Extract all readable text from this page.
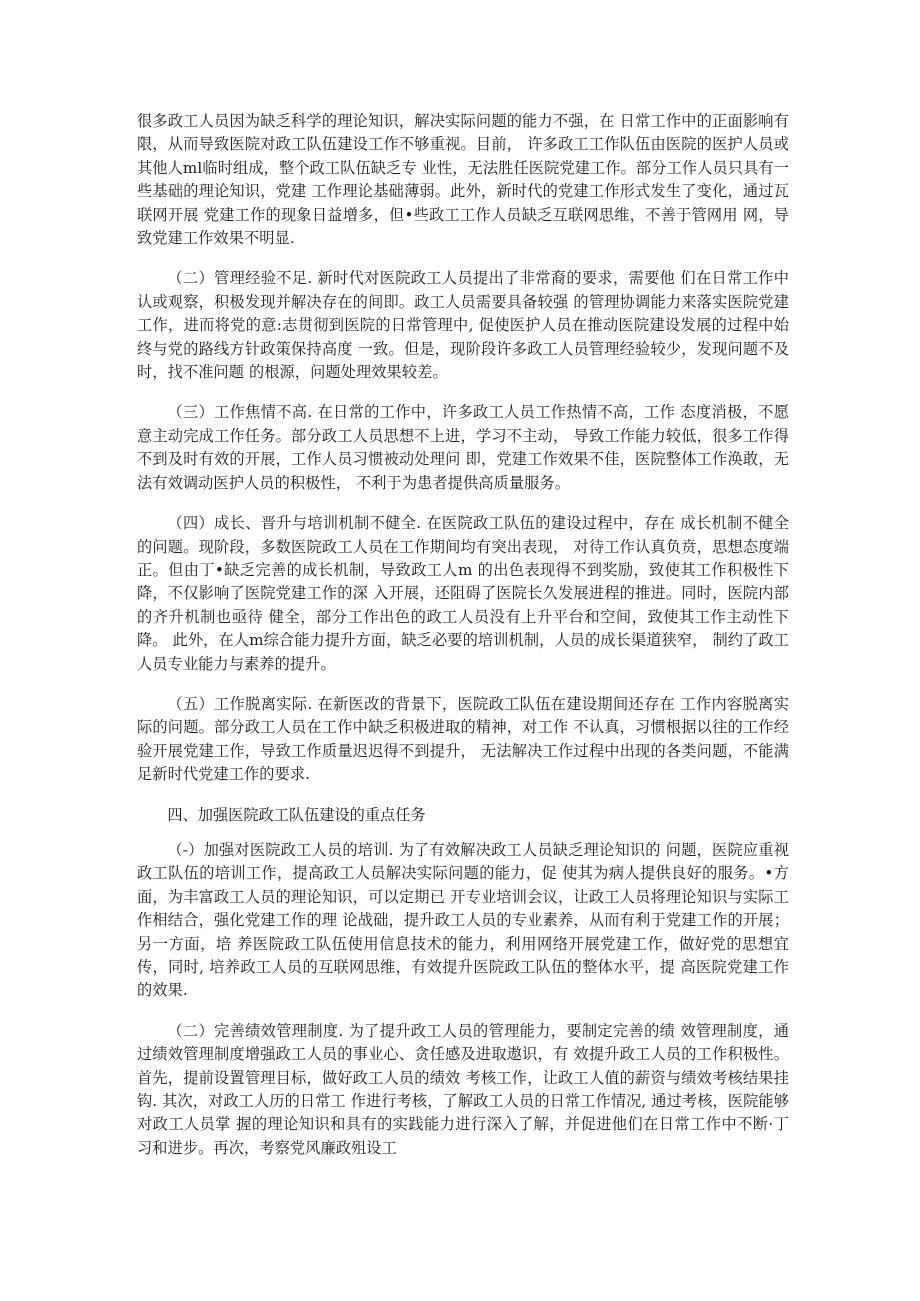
很多政工人员因为缺乏科学的理论知识，解决实际问题的能力不强，在 日常工作中的正面影响有限，从而导致医院对政工队伍建设工作不够重视。目前， 许多政工工作队伍由医院的医护人员或其他人ml临时组成，整个政工队伍缺乏专 业性，无法胜任医院党建工作。部分工作人员只具有一些基础的理论知识，党建 工作理论基础薄弱。此外，新时代的党建工作形式发生了变化，通过瓦联网开展 党建工作的现象日益增多，但•些政工工作人员缺乏互联网思维，不善于管网用 网，导致党建工作效果不明显.

（二）管理经验不足. 新时代对医院政工人员提出了非常裔的要求，需要他 们在日常工作中认或观察，积极发现并解决存在的间即。政工人员需要具备较强 的管理协调能力来落实医院党建工作，进而将党的意:志贯彻到医院的日常管理中, 促使医护人员在推动医院建设发展的过程中始终与党的路线方针政策保持高度 一致。但是，现阶段许多政工人员管理经验较少，发现问题不及时，找不准问题 的根源，问题处理效果较差。

（三）工作焦情不高. 在日常的工作中，许多政工人员工作热情不高，工作 态度消极，不愿意主动完成工作任务。部分政工人员思想不上进，学习不主动， 导致工作能力较低，很多工作得不到及时有效的开展，工作人员习惯被动处理问 即，党建工作效果不佳，医院整体工作涣敢，无法有效调动医护人员的积极性， 不利于为患者提供高质量服务。

（四）成长、晋升与培训机制不健全. 在医院政工队伍的建设过程中，存在 成长机制不健全的问题。现阶段，多数医院政工人员在工作期间均有突出表现， 对待工作认真负贲，思想态度端正。但由丁•缺乏完善的成长机制，导致政工人m 的出色表现得不到奖励，致使其工作积极性下降，不仅影响了医院党建工作的深 入开展，还阻碍了医院长久发展进程的推进。同时，医院内部的齐升机制也亟待 健全，部分工作出色的政工人员没有上升平台和空间，致使其工作主动性下降。 此外，在人m综合能力提升方面，缺乏必要的培训机制，人员的成长渠道狭窄， 制约了政工人员专业能力与素养的提升。

（五）工作脱离实际. 在新医改的背景下，医院政工队伍在建设期间还存在 工作内容脱离实际的问题。部分政工人员在工作中缺乏积极进取的精神，对工作 不认真，习惯根据以往的工作经验开展党建工作，导致工作质量迟迟得不到提升， 无法解决工作过程中出现的各类问题，不能满足新时代党建工作的要求.

四、加强医院政工队伍建设的重点任务

（-）加强对医院政工人员的培训. 为了有效解决政工人员缺乏理论知识的 问题，医院应重视政工队伍的培训工作，提高政工人员解决实际问题的能力，促 使其为病人提供良好的服务。•方面，为丰富政工人员的理论知识，可以定期已 开专业培训会议，让政工人员将理论知识与实际工作相结合，强化党建工作的理 论战础，提升政工人员的专业素养，从而有利于党建工作的开展；另一方面，培 养医院政工队伍使用信息技术的能力，利用网络开展党建工作，做好党的思想宜 传，同时, 培养政工人员的互联网思维，有效提升医院政工队伍的整体水平，提 高医院党建工作的效果.

（二）完善绩效管理制度. 为了提升政工人员的管理能力，要制定完善的绩 效管理制度，通过绩效管理制度增强政工人员的事业心、贪任感及进取遨识，有 效提升政工人员的工作积极性。首先，提前设置管理目标，做好政工人员的绩效 考核工作，让政工人值的薪资与绩效考核结果挂钩. 其次，对政工人历的日常工 作进行考核，了解政工人员的日常工作情况, 通过考核，医院能够对政工人员掌 握的理论知识和具有的实践能力进行深入了解，并促进他们在日常工作中不断·丁 习和进步。再次，考察党风廉政殂设工
